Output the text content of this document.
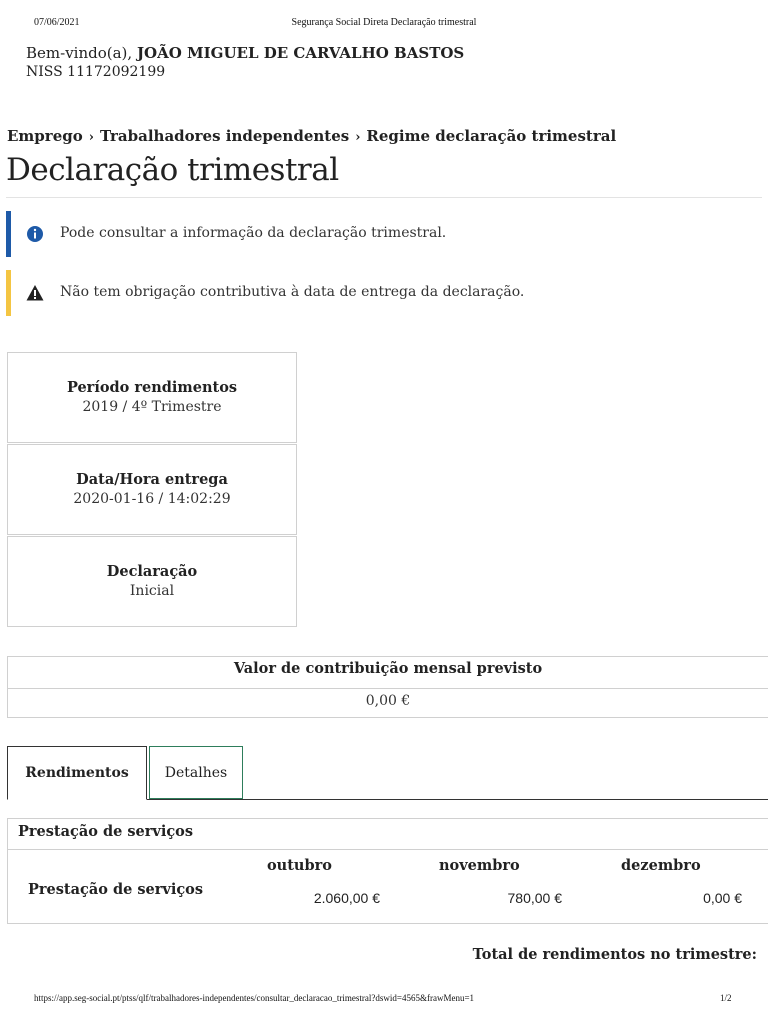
07/06/2021	Segurança Social Direta Declaração trimestral
Bem-vindo(a), JOÃO MIGUEL DE CARVALHO BASTOS
NISS 11172092199
Emprego › Trabalhadores independentes › Regime declaração trimestral
Declaração trimestral
Pode consultar a informação da declaração trimestral.
Não tem obrigação contributiva à data de entrega da declaração.
Período rendimentos
2019 / 4º Trimestre
Data/Hora entrega
2020-01-16 / 14:02:29
Declaração
Inicial
Valor de contribuição mensal previsto
0,00 €
Rendimentos	Detalhes
Prestação de serviços
Prestação de serviços
outubro	novembro	dezembro
2.060,00 €	780,00 €	0,00 €
Total de rendimentos no trimestre:
https://app.seg-social.pt/ptss/qlf/trabalhadores-independentes/consultar_declaracao_trimestral?dswid=4565&frawMenu=1	1/2
